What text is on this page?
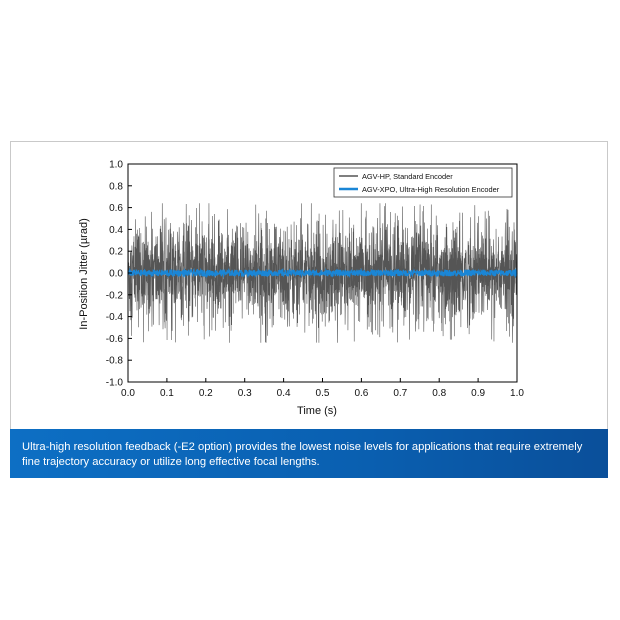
0.0 0.1 0.2 0.3 0.4 0.5 0.6 0.7 0.8 0.9 1.0
1.0
0.8
0.6
0.4
0.2
0.0
-0.2
-0.4
-0.6
-0.8
-1.0
Time (s)
In-Position Jitter (µrad)
AGV-HP, Standard Encoder
AGV-XPO, Ultra-High Resolution Encoder
Ultra-high resolution feedback (-E2 option) provides the lowest noise levels for applications that require extremely fine trajectory accuracy or utilize long effective focal lengths.
